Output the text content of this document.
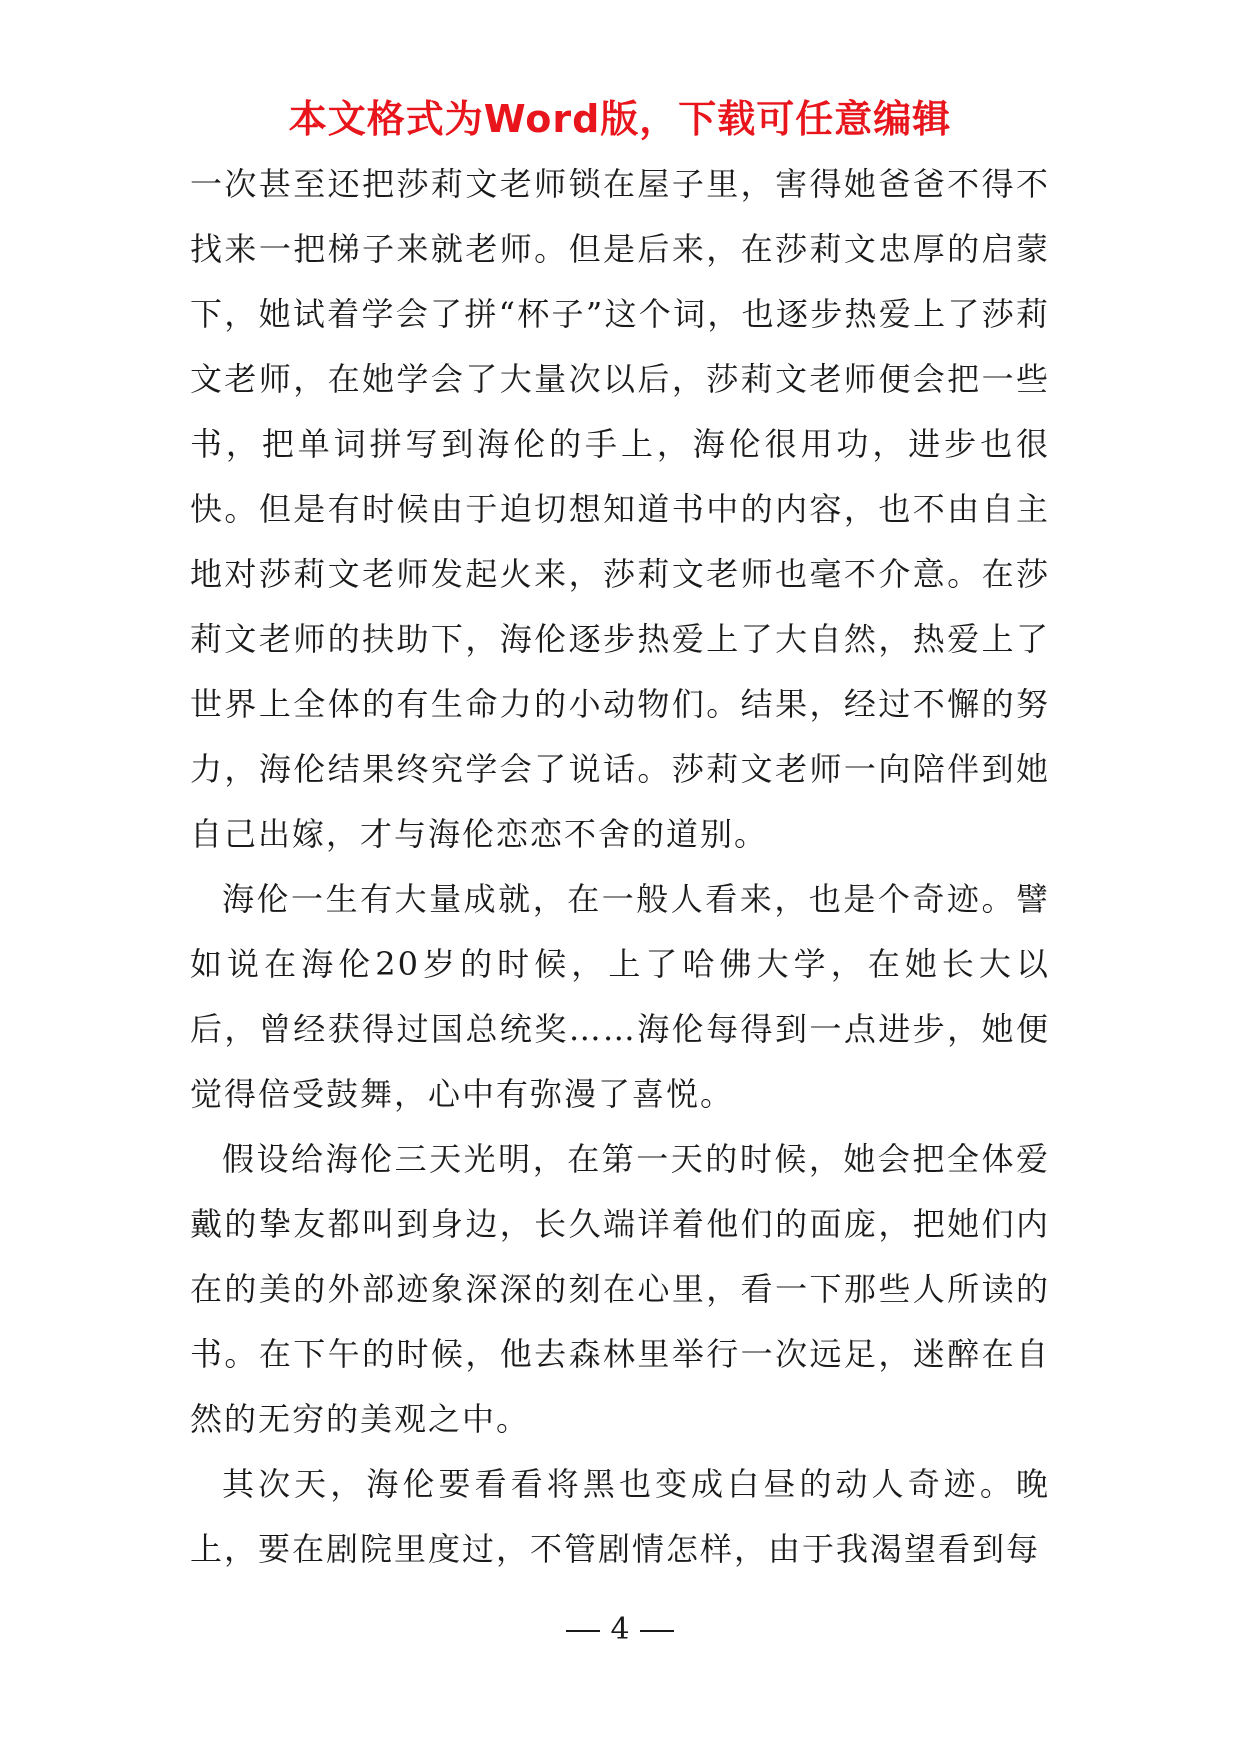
本文格式为Word版，下载可任意编辑

一次甚至还把莎莉文老师锁在屋子里，害得她爸爸不得不找来一把梯子来就老师。但是后来，在莎莉文忠厚的启蒙下，她试着学会了拼“杯子”这个词，也逐步热爱上了莎莉文老师，在她学会了大量次以后，莎莉文老师便会把一些书，把单词拼写到海伦的手上，海伦很用功，进步也很快。但是有时候由于迫切想知道书中的内容，也不由自主地对莎莉文老师发起火来，莎莉文老师也毫不介意。在莎莉文老师的扶助下，海伦逐步热爱上了大自然，热爱上了世界上全体的有生命力的小动物们。结果，经过不懈的努力，海伦结果终究学会了说话。莎莉文老师一向陪伴到她自己出嫁，才与海伦恋恋不舍的道别。

海伦一生有大量成就，在一般人看来，也是个奇迹。譬如说在海伦20岁的时候，上了哈佛大学，在她长大以后，曾经获得过国总统奖……海伦每得到一点进步，她便觉得倍受鼓舞，心中有弥漫了喜悦。

假设给海伦三天光明，在第一天的时候，她会把全体爱戴的挚友都叫到身边，长久端详着他们的面庞，把她们内在的美的外部迹象深深的刻在心里，看一下那些人所读的书。在下午的时候，他去森林里举行一次远足，迷醉在自然的无穷的美观之中。

其次天，海伦要看看将黑也变成白昼的动人奇迹。晚上，要在剧院里度过，不管剧情怎样，由于我渴望看到每

4
